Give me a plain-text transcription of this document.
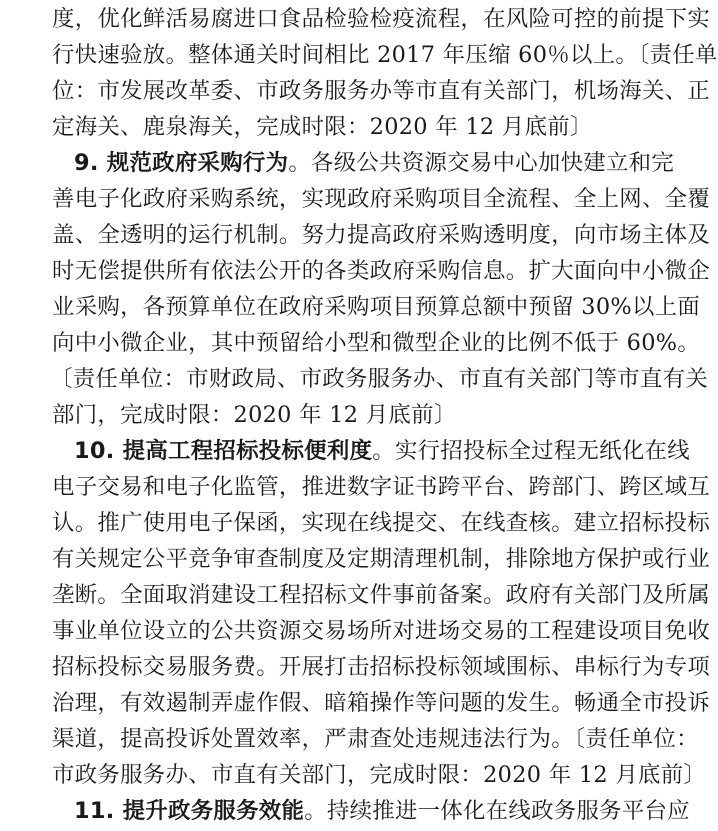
度，优化鲜活易腐进口食品检验检疫流程，在风险可控的前提下实
行快速验放。整体通关时间相比 2017 年压缩 60％以上。〔责任单
位：市发展改革委、市政务服务办等市直有关部门，机场海关、正
定海关、鹿泉海关，完成时限：2020 年 12 月底前〕
9. 规范政府采购行为。各级公共资源交易中心加快建立和完
善电子化政府采购系统，实现政府采购项目全流程、全上网、全覆
盖、全透明的运行机制。努力提高政府采购透明度，向市场主体及
时无偿提供所有依法公开的各类政府采购信息。扩大面向中小微企
业采购，各预算单位在政府采购项目预算总额中预留 30%以上面
向中小微企业，其中预留给小型和微型企业的比例不低于 60%。
〔责任单位：市财政局、市政务服务办、市直有关部门等市直有关
部门，完成时限：2020 年 12 月底前〕
10. 提高工程招标投标便利度。实行招投标全过程无纸化在线
电子交易和电子化监管，推进数字证书跨平台、跨部门、跨区域互
认。推广使用电子保函，实现在线提交、在线查核。建立招标投标
有关规定公平竞争审查制度及定期清理机制，排除地方保护或行业
垄断。全面取消建设工程招标文件事前备案。政府有关部门及所属
事业单位设立的公共资源交易场所对进场交易的工程建设项目免收
招标投标交易服务费。开展打击招标投标领域围标、串标行为专项
治理，有效遏制弄虚作假、暗箱操作等问题的发生。畅通全市投诉
渠道，提高投诉处置效率，严肃查处违规违法行为。〔责任单位：
市政务服务办、市直有关部门，完成时限：2020 年 12 月底前〕
11. 提升政务服务效能。持续推进一体化在线政务服务平台应
